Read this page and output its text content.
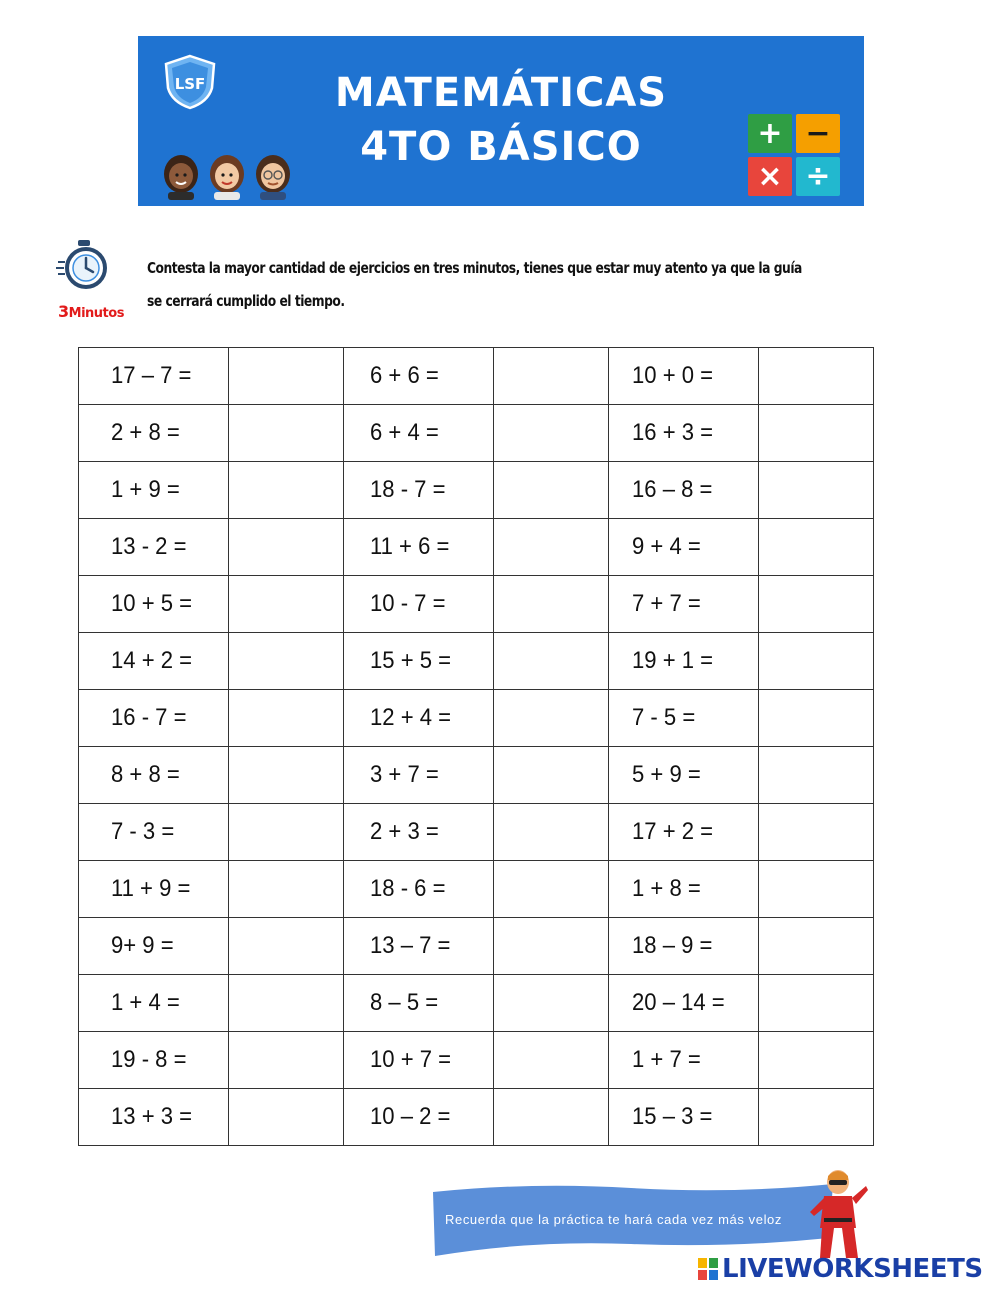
LSF	MATEMÁTICAS
4TO BÁSICO	+ −
× ÷
3Minutos
Contesta la mayor cantidad de ejercicios en tres minutos, tienes que estar muy atento ya que la guía se cerrará cumplido el tiempo.
17 – 7 =		6 + 6 =		10 + 0 =	
2 + 8 =		6 + 4 =		16 + 3 =	
1 + 9 =		18 - 7 =		16 – 8 =	
13 - 2 =		11 + 6 =		9 + 4 =	
10 + 5 =		10 - 7 =		7 + 7 =	
14 + 2 =		15 + 5 =		19 + 1 =	
16 - 7 =		12 + 4 =		7 - 5 =	
8 + 8 =		3 + 7 =		5 + 9 =	
7 - 3 =		2 + 3 =		17 + 2 =	
11 + 9 =		18 - 6 =		1 + 8 =	
9+ 9 =		13 – 7 =		18 – 9 =	
1 + 4 =		8 – 5 =		20 – 14 =	
19 - 8 =		10 + 7 =		1 + 7 =	
13 + 3 =		10 – 2 =		15 – 3 =	
Recuerda que la práctica te hará cada vez más veloz
LIVEWORKSHEETS
